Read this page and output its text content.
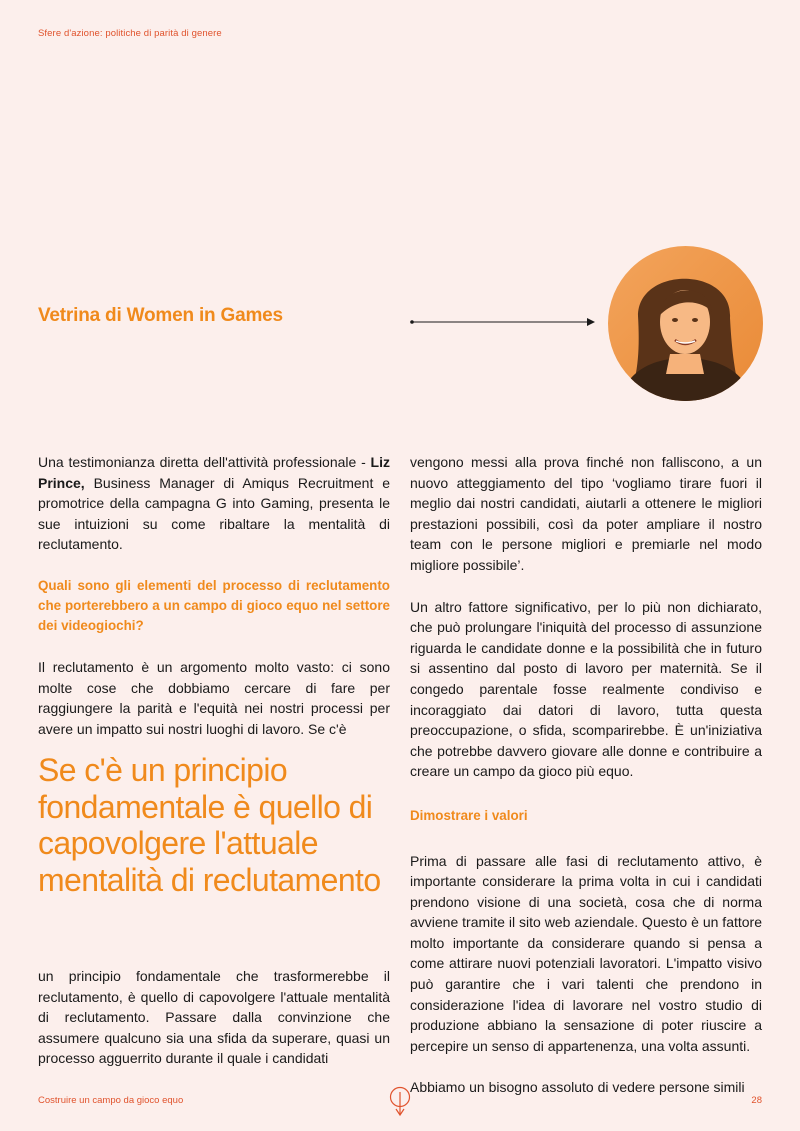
Sfere d'azione: politiche di parità di genere
Vetrina di Women in Games

Una testimonianza diretta dell'attività professionale - Liz Prince, Business Manager di Amiqus Recruitment e promotrice della campagna G into Gaming, presenta le sue intuizioni su come ribaltare la mentalità di reclutamento.

Quali sono gli elementi del processo di reclutamento che porterebbero a un campo di gioco equo nel settore dei videogiochi?

Il reclutamento è un argomento molto vasto: ci sono molte cose che dobbiamo cercare di fare per raggiungere la parità e l'equità nei nostri processi per avere un impatto sui nostri luoghi di lavoro. Se c'è

Se c'è un principio fondamentale è quello di capovolgere l'attuale mentalità di reclutamento

un principio fondamentale che trasformerebbe il reclutamento, è quello di capovolgere l'attuale mentalità di reclutamento. Passare dalla convinzione che assumere qualcuno sia una sfida da superare, quasi un processo agguerrito durante il quale i candidati

vengono messi alla prova finché non falliscono, a un nuovo atteggiamento del tipo ‘vogliamo tirare fuori il meglio dai nostri candidati, aiutarli a ottenere le migliori prestazioni possibili, così da poter ampliare il nostro team con le persone migliori e premiarle nel modo migliore possibile’.

Un altro fattore significativo, per lo più non dichiarato, che può prolungare l'iniquità del processo di assunzione riguarda le candidate donne e la possibilità che in futuro si assentino dal posto di lavoro per maternità. Se il congedo parentale fosse realmente condiviso e incoraggiato dai datori di lavoro, tutta questa preoccupazione, o sfida, scomparirebbe. È un'iniziativa che potrebbe davvero giovare alle donne e contribuire a creare un campo da gioco più equo.

Dimostrare i valori

Prima di passare alle fasi di reclutamento attivo, è importante considerare la prima volta in cui i candidati prendono visione di una società, cosa che di norma avviene tramite il sito web aziendale. Questo è un fattore molto importante da considerare quando si pensa a come attirare nuovi potenziali lavoratori. L'impatto visivo può garantire che i vari talenti che prendono in considerazione l'idea di lavorare nel vostro studio di produzione abbiano la sensazione di poter riuscire a percepire un senso di appartenenza, una volta assunti.

Abbiamo un bisogno assoluto di vedere persone simili

Costruire un campo da gioco equo	28
